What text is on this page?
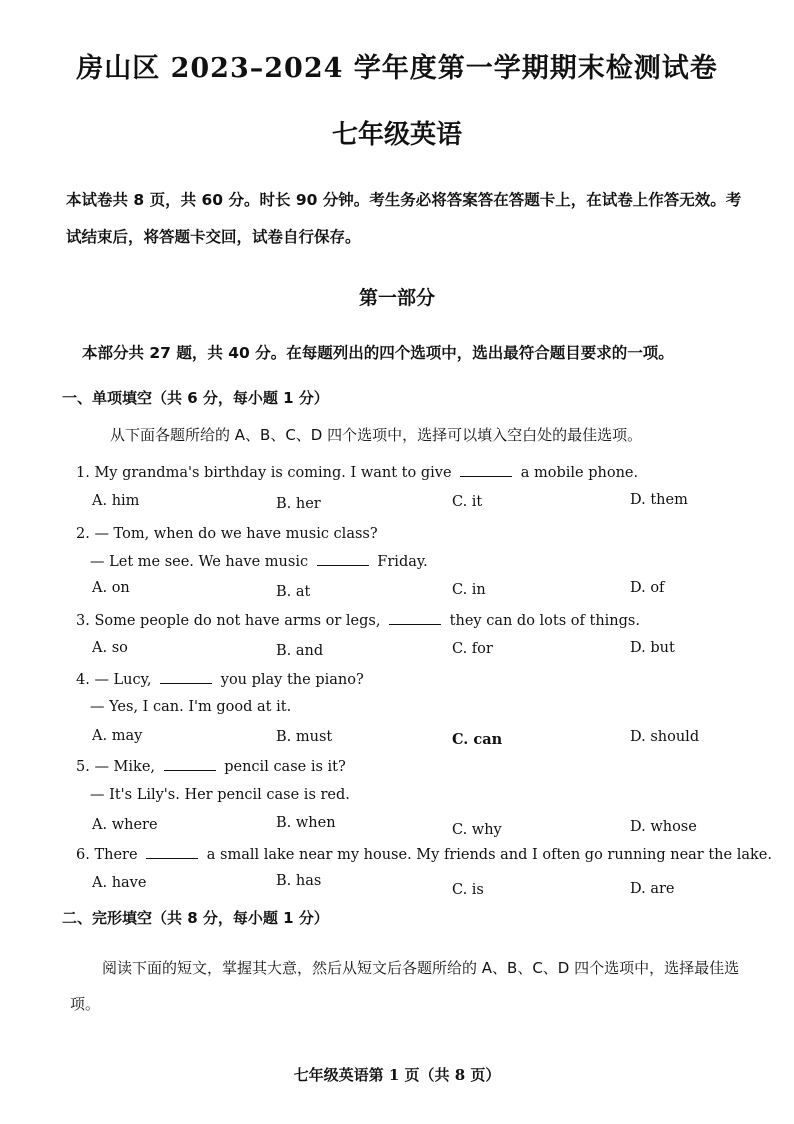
房山区 2023–2024 学年度第一学期期末检测试卷
七年级英语
本试卷共 8 页，共 60 分。时长 90 分钟。考生务必将答案答在答题卡上，在试卷上作答无效。考试结束后，将答题卡交回，试卷自行保存。
第一部分
本部分共 27 题，共 40 分。在每题列出的四个选项中，选出最符合题目要求的一项。
一、单项填空（共 6 分，每小题 1 分）
从下面各题所给的 A、B、C、D 四个选项中，选择可以填入空白处的最佳选项。
1. My grandma's birthday is coming. I want to give	a mobile phone.
A. him	B. her	C. it	D. them
2. — Tom, when do we have music class?
— Let me see. We have music	Friday.
A. on	B. at	C. in	D. of
3. Some people do not have arms or legs,	they can do lots of things.
A. so	B. and	C. for	D. but
4. — Lucy,	you play the piano?
— Yes, I can. I'm good at it.
A. may	B. must	C. can	D. should
5. — Mike,	pencil case is it?
— It's Lily's. Her pencil case is red.
A. where	B. when	C. why	D. whose
6. There	a small lake near my house. My friends and I often go running near the lake.
A. have	B. has
C. is	D. are
二、完形填空（共 8 分，每小题 1 分）
阅读下面的短文，掌握其大意，然后从短文后各题所给的 A、B、C、D 四个选项中，选择最佳选项。
七年级英语第 1 页（共 8 页）
